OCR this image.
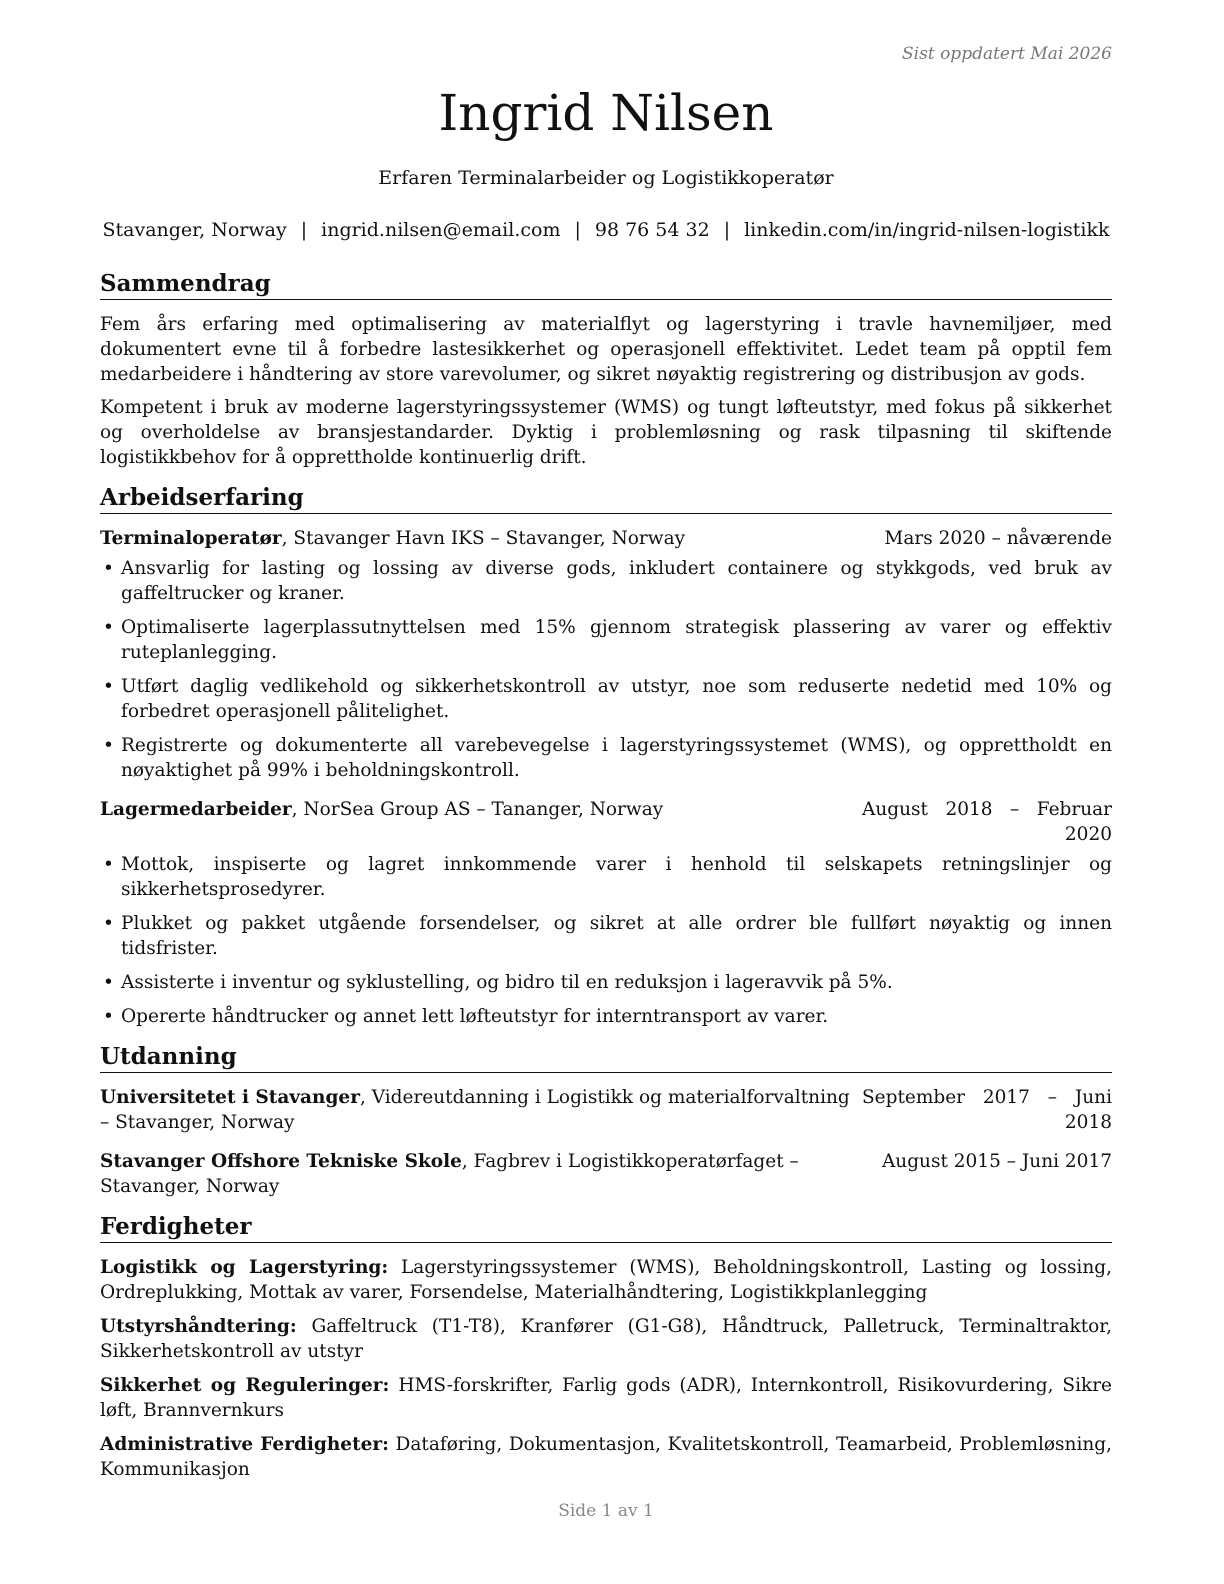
Sist oppdatert Mai 2026
Ingrid Nilsen
Erfaren Terminalarbeider og Logistikkoperatør
Stavanger, Norway | ingrid.nilsen@email.com | 98 76 54 32 | linkedin.com/in/ingrid-nilsen-logistikk
Sammendrag

Fem års erfaring med optimalisering av materialflyt og lagerstyring i travle havnemiljøer, med dokumentert evne til å forbedre lastesikkerhet og operasjonell effektivitet. Ledet team på opptil fem medarbeidere i håndtering av store varevolumer, og sikret nøyaktig registrering og distribusjon av gods.

Kompetent i bruk av moderne lagerstyringssystemer (WMS) og tungt løfteutstyr, med fokus på sikkerhet og overholdelse av bransjestandarder. Dyktig i problemløsning og rask tilpasning til skiftende logistikkbehov for å opprettholde kontinuerlig drift.

Arbeidserfaring
Terminaloperatør, Stavanger Havn IKS – Stavanger, Norway	Mars 2020 – nåværende
• Ansvarlig for lasting og lossing av diverse gods, inkludert containere og stykkgods, ved bruk av gaffeltrucker og kraner.
• Optimaliserte lagerplassutnyttelsen med 15% gjennom strategisk plassering av varer og effektiv ruteplanlegging.
• Utført daglig vedlikehold og sikkerhetskontroll av utstyr, noe som reduserte nedetid med 10% og forbedret operasjonell pålitelighet.
• Registrerte og dokumenterte all varebevegelse i lagerstyringssystemet (WMS), og opprettholdt en nøyaktighet på 99% i beholdningskontroll.
Lagermedarbeider, NorSea Group AS – Tananger, Norway	August 2018 – Februar 2020
• Mottok, inspiserte og lagret innkommende varer i henhold til selskapets retningslinjer og sikkerhetsprosedyrer.
• Plukket og pakket utgående forsendelser, og sikret at alle ordrer ble fullført nøyaktig og innen tidsfrister.
• Assisterte i inventur og syklustelling, og bidro til en reduksjon i lageravvik på 5%.
• Opererte håndtrucker og annet lett løfteutstyr for interntransport av varer.
Utdanning
Universitetet i Stavanger, Videreutdanning i Logistikk og materialforvaltning – Stavanger, Norway
September 2017 – Juni 2018
Stavanger Offshore Tekniske Skole, Fagbrev i Logistikkoperatørfaget – Stavanger, Norway
August 2015 – Juni 2017
Ferdigheter

Logistikk og Lagerstyring: Lagerstyringssystemer (WMS), Beholdningskontroll, Lasting og lossing, Ordreplukking, Mottak av varer, Forsendelse, Materialhåndtering, Logistikkplanlegging

Utstyrshåndtering: Gaffeltruck (T1-T8), Kranfører (G1-G8), Håndtruck, Palletruck, Terminaltraktor, Sikkerhetskontroll av utstyr

Sikkerhet og Reguleringer: HMS-forskrifter, Farlig gods (ADR), Internkontroll, Risikovurdering, Sikre løft, Brannvernkurs

Administrative Ferdigheter: Dataføring, Dokumentasjon, Kvalitetskontroll, Teamarbeid, Problemløsning, Kommunikasjon

Side 1 av 1
